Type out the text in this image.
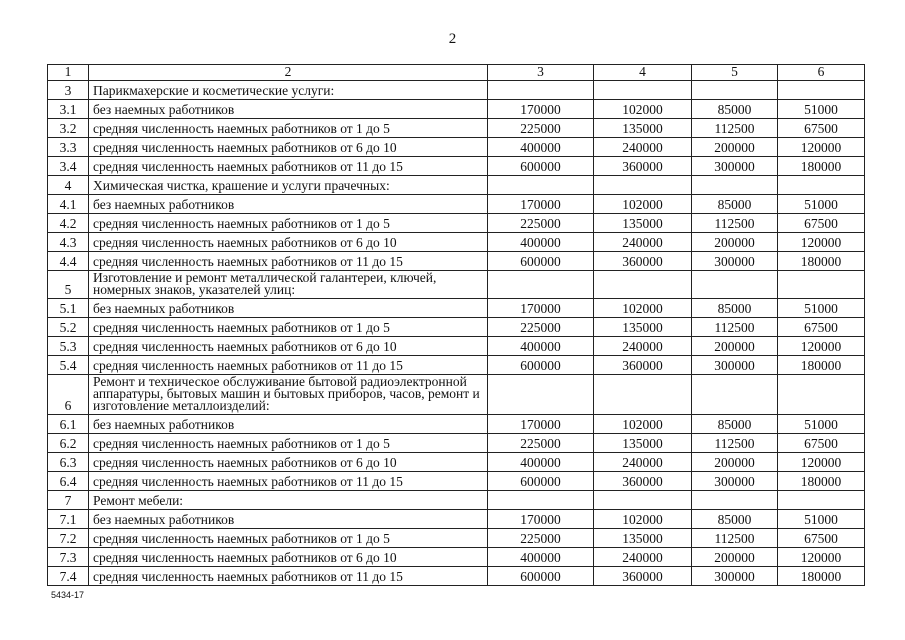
2
1	2	3	4	5	6
3	Парикмахерские и косметические услуги:				
3.1	без наемных работников	170000	102000	85000	51000
3.2	средняя численность наемных работников от 1 до 5	225000	135000	112500	67500
3.3	средняя численность наемных работников от 6 до 10	400000	240000	200000	120000
3.4	средняя численность наемных работников от 11 до 15	600000	360000	300000	180000
4	Химическая чистка, крашение и услуги прачечных:				
4.1	без наемных работников	170000	102000	85000	51000
4.2	средняя численность наемных работников от 1 до 5	225000	135000	112500	67500
4.3	средняя численность наемных работников от 6 до 10	400000	240000	200000	120000
4.4	средняя численность наемных работников от 11 до 15	600000	360000	300000	180000
5	Изготовление и ремонт металлической галантереи, ключей, номерных знаков, указателей улиц:				
5.1	без наемных работников	170000	102000	85000	51000
5.2	средняя численность наемных работников от 1 до 5	225000	135000	112500	67500
5.3	средняя численность наемных работников от 6 до 10	400000	240000	200000	120000
5.4	средняя численность наемных работников от 11 до 15	600000	360000	300000	180000
6	Ремонт и техническое обслуживание бытовой радиоэлектронной аппаратуры, бытовых машин и бытовых приборов, часов, ремонт и изготовление металлоизделий:				
6.1	без наемных работников	170000	102000	85000	51000
6.2	средняя численность наемных работников от 1 до 5	225000	135000	112500	67500
6.3	средняя численность наемных работников от 6 до 10	400000	240000	200000	120000
6.4	средняя численность наемных работников от 11 до 15	600000	360000	300000	180000
7	Ремонт мебели:				
7.1	без наемных работников	170000	102000	85000	51000
7.2	средняя численность наемных работников от 1 до 5	225000	135000	112500	67500
7.3	средняя численность наемных работников от 6 до 10	400000	240000	200000	120000
7.4	средняя численность наемных работников от 11 до 15	600000	360000	300000	180000
5434-17
